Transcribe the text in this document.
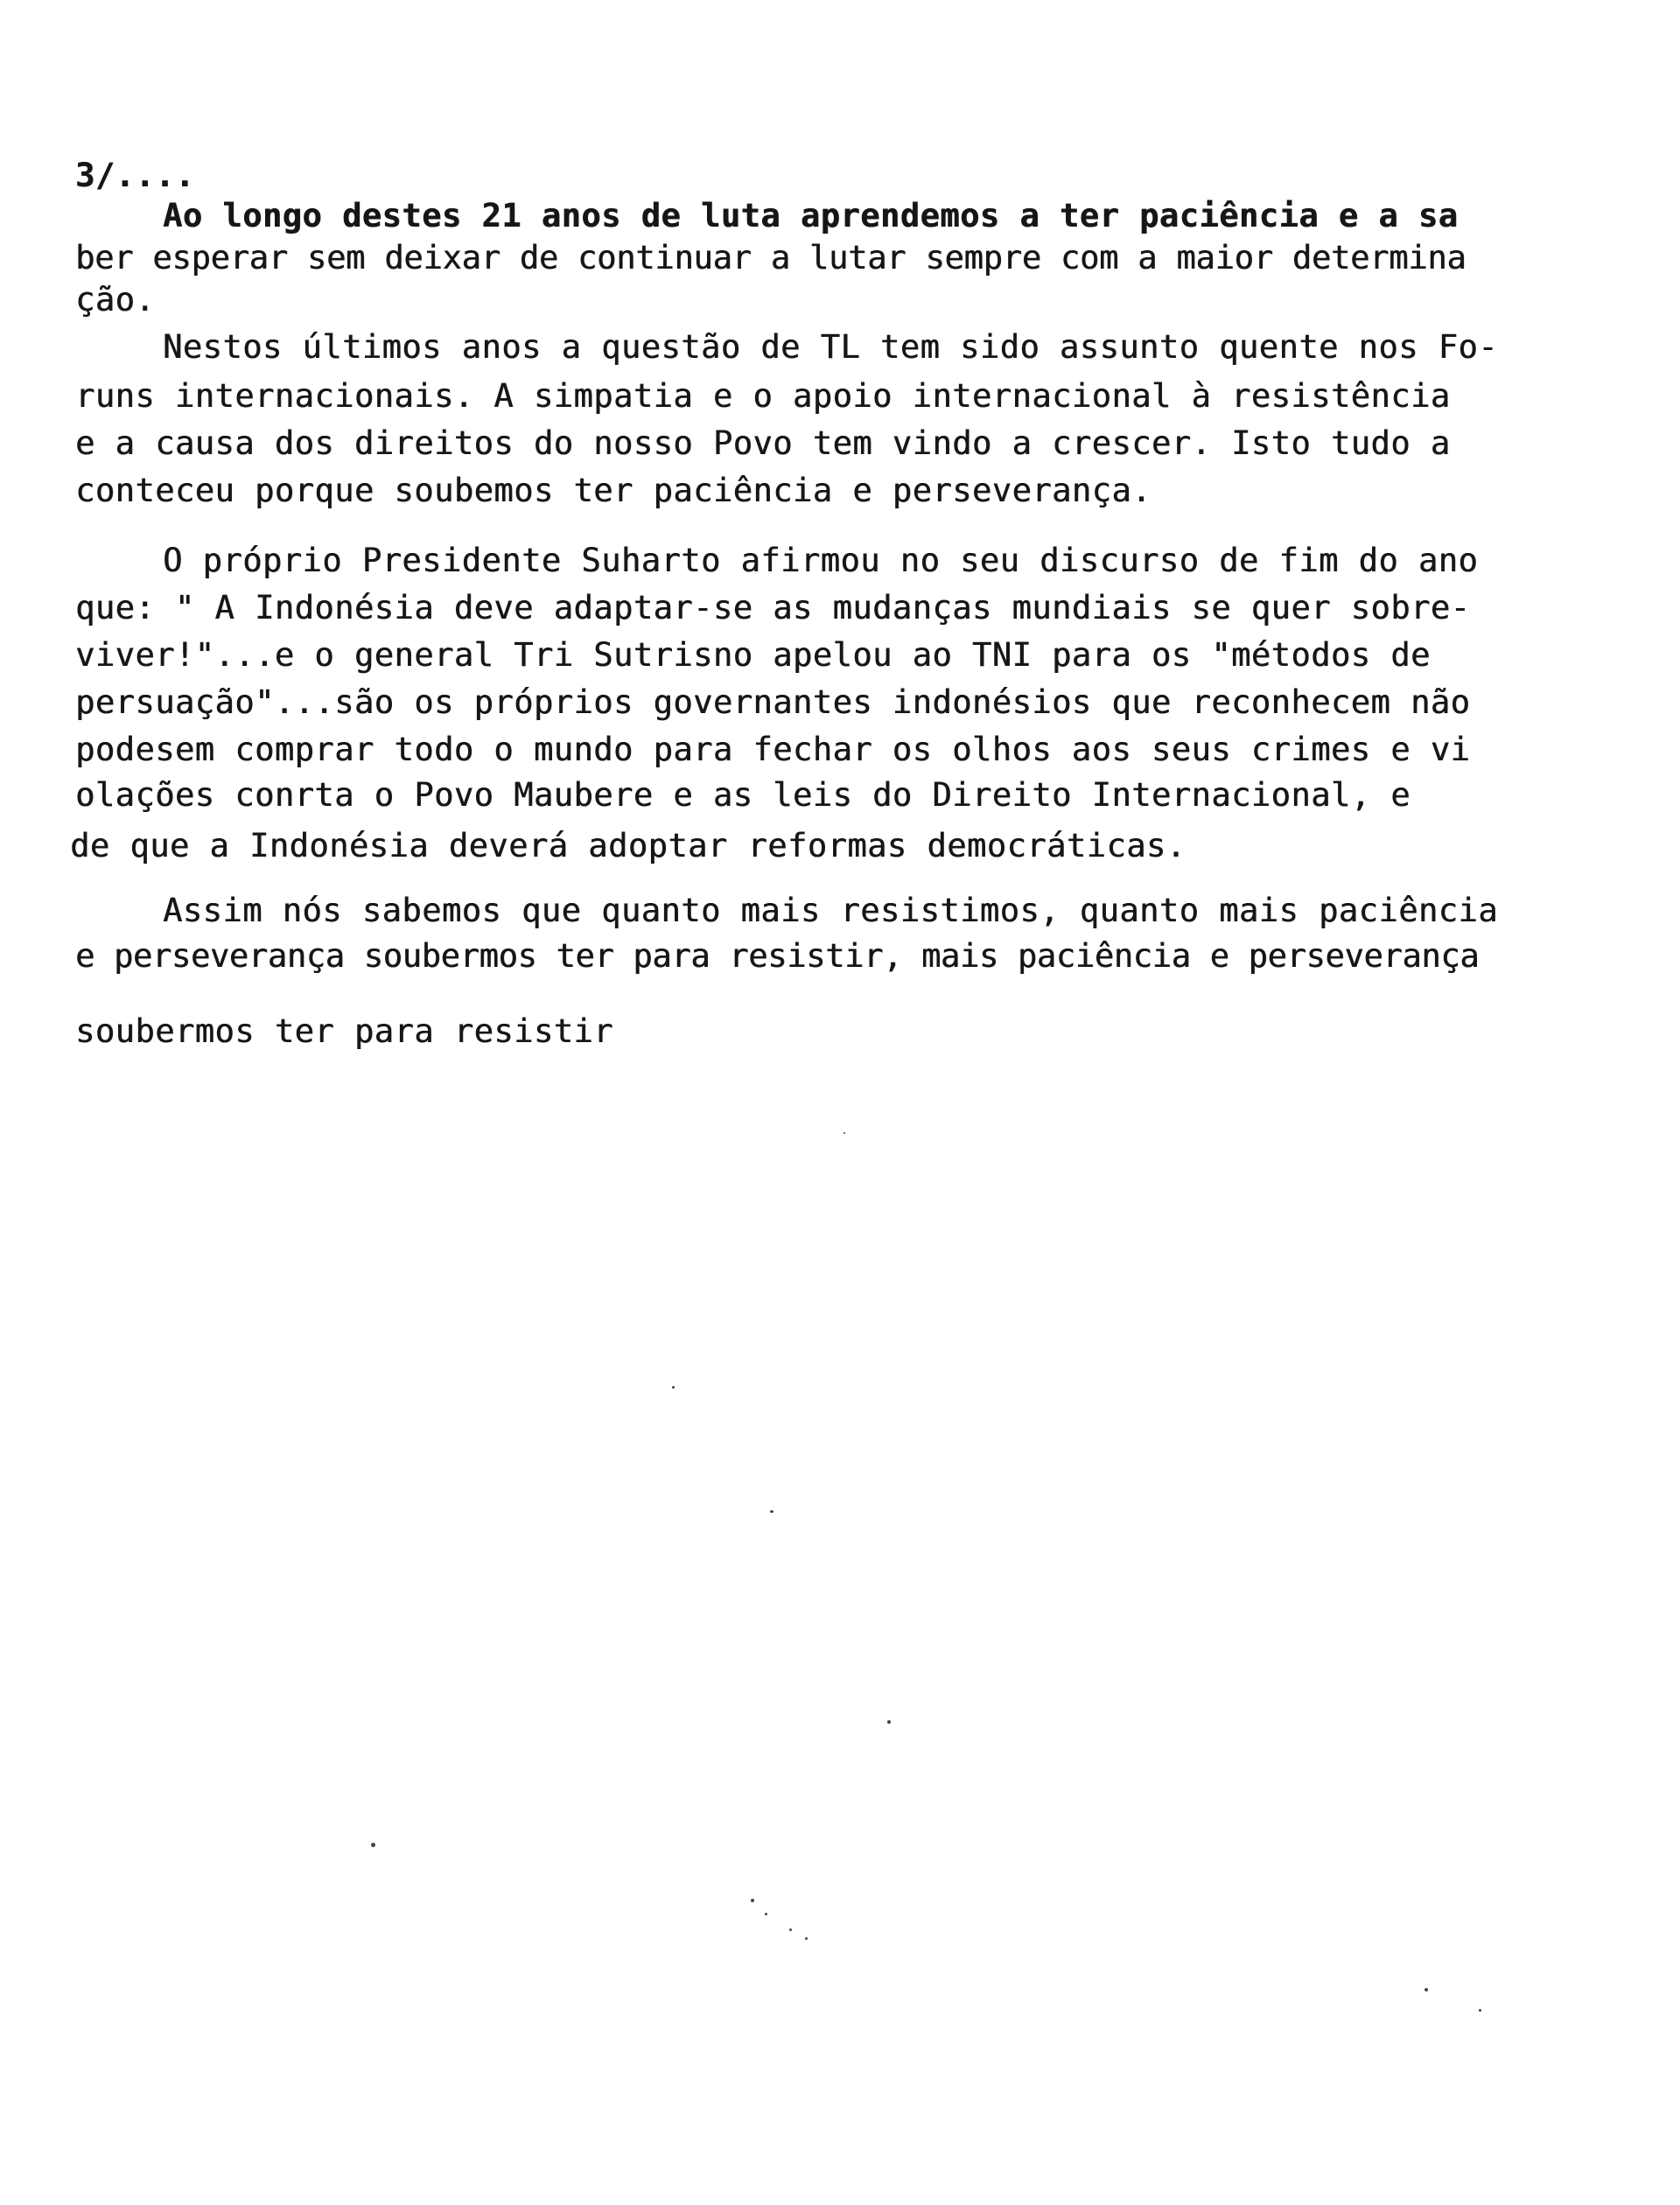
3/....
Ao longo destes 21 anos de luta aprendemos a ter paciência e a sa
ber esperar sem deixar de continuar a lutar sempre com a maior determina
ção.
Nestos últimos anos a questão de TL tem sido assunto quente nos Fo-
runs internacionais. A simpatia e o apoio internacional à resistência
e a causa dos direitos do nosso Povo tem vindo a crescer. Isto tudo a
conteceu porque soubemos ter paciência e perseverança.
O próprio Presidente Suharto afirmou no seu discurso de fim do ano
que: " A Indonésia deve adaptar-se as mudanças mundiais se quer sobre-
viver!"...e o general Tri Sutrisno apelou ao TNI para os "métodos de
persuação"...são os próprios governantes indonésios que reconhecem não
podesem comprar todo o mundo para fechar os olhos aos seus crimes e vi
olações conrta o Povo Maubere e as leis do Direito Internacional, e
de que a Indonésia deverá adoptar reformas democráticas.
Assim nós sabemos que quanto mais resistimos, quanto mais paciência
e perseverança soubermos ter para resistir, mais paciência e perseverança
soubermos ter para resistir
